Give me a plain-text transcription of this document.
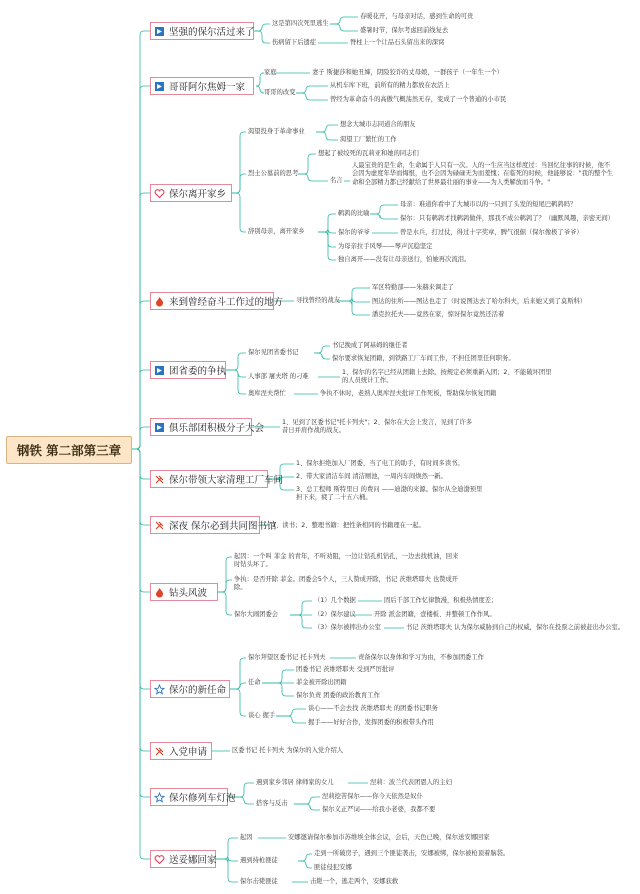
钢铁 第二部第三章
坚强的保尔活过来了
哥哥阿尔焦姆一家
保尔离开家乡
来到曾经奋斗工作过的地方
团省委的争执
俱乐部团积极分子大会
保尔带领大家清理工厂车间
深夜 保尔必到共同图书馆
钻头风波
保尔的新任命
入党申请
保尔修列车灯泡
送妥娜回家
这是第四次死里逃生
春暖花开，与母亲对话，感到生命的可贵
盛暑时节，保尔考虑回前线复去
伤病留下后遗症	脊柱上一个让品石头留出来的深窝
家庭	妻子 斯捷莎和她丑婶，阴险狡诈的丈母娘，一群孩子（一年生一个）
哥哥的改变
从机车库下班，前所有的精力都放在农活上
曾经为革命奋斗的高傲气概荡然无存，变成了一个普通的小市民
渴望投身于革命事业
想念大城市志同道合的朋友
渴望工厂繁忙的工作
烈士公墓前的思考
想起了被绞死的瓦莉亚和她的同志们
名言
人最宝贵的是生命，生命属于人只有一次。人的一生应当这样度过：当回忆往事的时候，他不会因为虚度年华而悔恨，也不会因为碌碌无为而羞愧；在临死的时候，他能够说："我的整个生命和全部精力都已经献给了世界最壮丽的事业——为人类解放而斗争。"
辞别母亲，离开家乡
鹌鹑的比喻
母亲：难道你看中了大城市以的一只到了头发的短尾巴鹌鹑吗？
保尔：只有鹌鹑才找鹌鹑做伴，那我不成公鹌鹑了？（幽默风趣，亲密无间）
保尔的爷爷	曾是水兵，打过仗，得过十字奖章，脾气很倔（保尔像极了爷爷）
为母亲拉手风琴——琴声沉稳坚定
独自离开——没有让母亲送行，怕她再次流泪。
寻找曾经的战友
军区特勤部——朱赫来调走了
图达的住所——图达也走了（时说图达去了哈尔科夫，后来她又到了莫斯科）
潘克拉托夫——竟然在家，惊讶保尔竟然还活着
保尔见团省委书记
书记挽成了阿基姆的继任者
保尔要求恢复团籍，到铁路工厂车间工作，不担任团里任何职务。
人事部 屠夫塔 的刁难
1、保尔的名字已经从团籍上去除。按规定必须重新入团；2、不能破坏团里的人员统计工作。
奥库涅夫帮忙	争执不休时，老熟人奥库涅夫批评工作死板，帮助保尔恢复团籍
1、见到了区委书记"托卡列夫"；2、保尔在大会上发言，见到了许多昔日并肩作战的战友。
1、保尔拒绝加入厂团委，当了电工的助手，有时间多读书。
2、带大家清洁车间 清洁厕池，一周内车间焕然一新。
3、总工程师 斯特里日 的费问 ——迪渤的来源。保尔从全迪渤预里担下来，疲了二十五六桶。
1、读书；2、整理书籍：把性条相同的书籍理在一起。
起因：一个叫 菲金 的青年，不听劝阻，一边让钻孔机钻孔，一边去找机油，回来时钻头坏了。
争执：是否开除 菲金。团委会5个人，三人赞成开除，书记 茨维塔耶夫 也赞成开除。
保尔大闹团委会
（1）几个数据	固后千部工作忆律散漫，积极热情度差；
（2）保尔建议	开除 派金团籍，壹楼板、并整顿工作作风。
（3）保尔被摔出办公室	书记 茨维塔耶夫 认为保尔威胁到自己的权威，保尔在投票之前被赶出办公室。
保尔拜望区委书记 托卡列夫	责备保尔以身体和学习为由，不参加团委工作
任命
团委书记 茨维塔耶夫 受到严厉批评
菲金被开除出团籍
保尔负责 团委的政治教育工作
谈心 握手
谈心——不会去找 茨维塔耶夫 的团委书记职务
握手——好好合作，发挥团委的积极带头作用
区委书记 托卡列夫 为保尔的入党介绍人
遇到家乡邻居 律师家的女儿	涅莉：波兰代表团恩人的主妇
搭客与反击
涅莉挖苦保尔——你今天依然是奴仆
保尔义正严词——给我小老婆，我都不要
起因	安娜邀请保尔参加市苏维埃全体会议，会后，天色已晚，保尔送安娜回家
遇到持枪匪徒
走到一所破房子，遇到三个匪徒袭击，安娜被绑，保尔被枪顶着脑袋。
匪徒侵犯安娜
保尔击毙匪徒	击毙一个，逃走两个，安娜获救
